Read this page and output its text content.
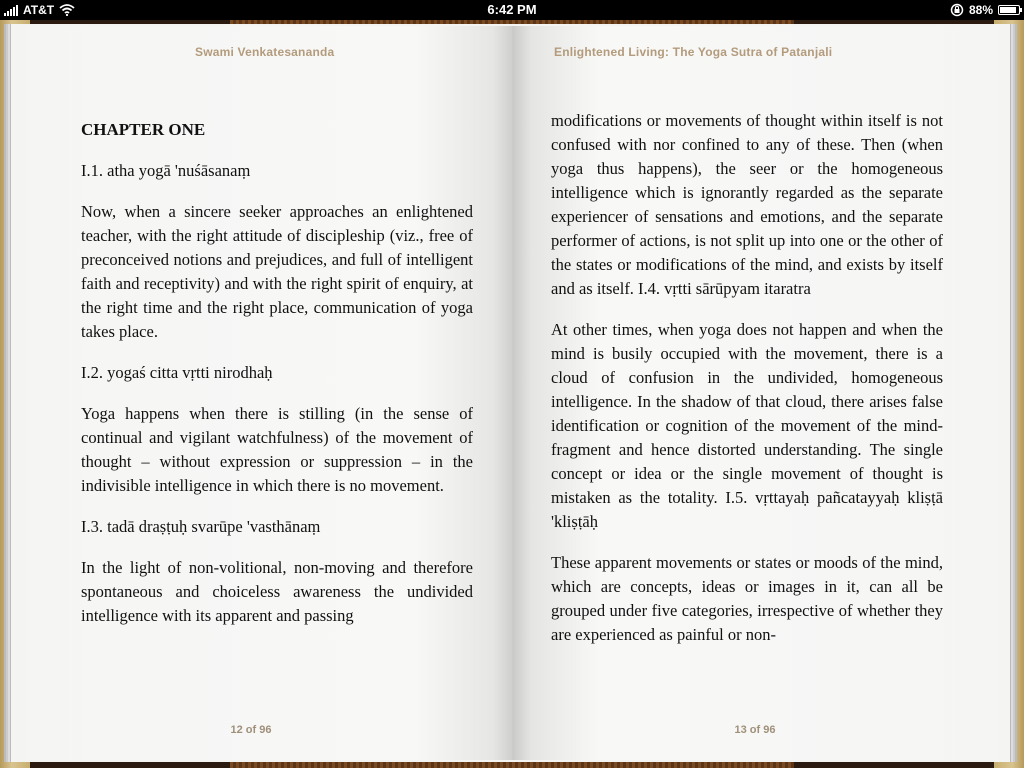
AT&T	6:42 PM	88%
Swami Venkatesananda
CHAPTER ONE

I.1. atha yogā 'nuśāsanaṃ

Now, when a sincere seeker approaches an enlightened teacher, with the right attitude of discipleship (viz., free of preconceived notions and prejudices, and full of intelligent faith and receptivity) and with the right spirit of enquiry, at the right time and the right place, communication of yoga takes place.

I.2. yogaś citta vṛtti nirodhaḥ

Yoga happens when there is stilling (in the sense of continual and vigilant watchfulness) of the movement of thought – without expression or suppression – in the indivisible intelligence in which there is no movement.

I.3. tadā draṣṭuḥ svarūpe 'vasthānaṃ

In the light of non-volitional, non-moving and therefore spontaneous and choiceless awareness the undivided intelligence with its apparent and passing

12 of 96
Enlightened Living: The Yoga Sutra of Patanjali

modifications or movements of thought within itself is not confused with nor confined to any of these. Then (when yoga thus happens), the seer or the homogeneous intelligence which is ignorantly regarded as the separate experiencer of sensations and emotions, and the separate performer of actions, is not split up into one or the other of the states or modifications of the mind, and exists by itself and as itself. I.4. vṛtti sārūpyam itaratra

At other times, when yoga does not happen and when the mind is busily occupied with the movement, there is a cloud of confusion in the undivided, homogeneous intelligence. In the shadow of that cloud, there arises false identification or cognition of the movement of the mind-fragment and hence distorted understanding. The single concept or idea or the single movement of thought is mistaken as the totality. I.5. vṛttayaḥ pañcatayyaḥ kliṣṭā 'kliṣṭāḥ

These apparent movements or states or moods of the mind, which are concepts, ideas or images in it, can all be grouped under five categories, irrespective of whether they are experienced as painful or non-

13 of 96
